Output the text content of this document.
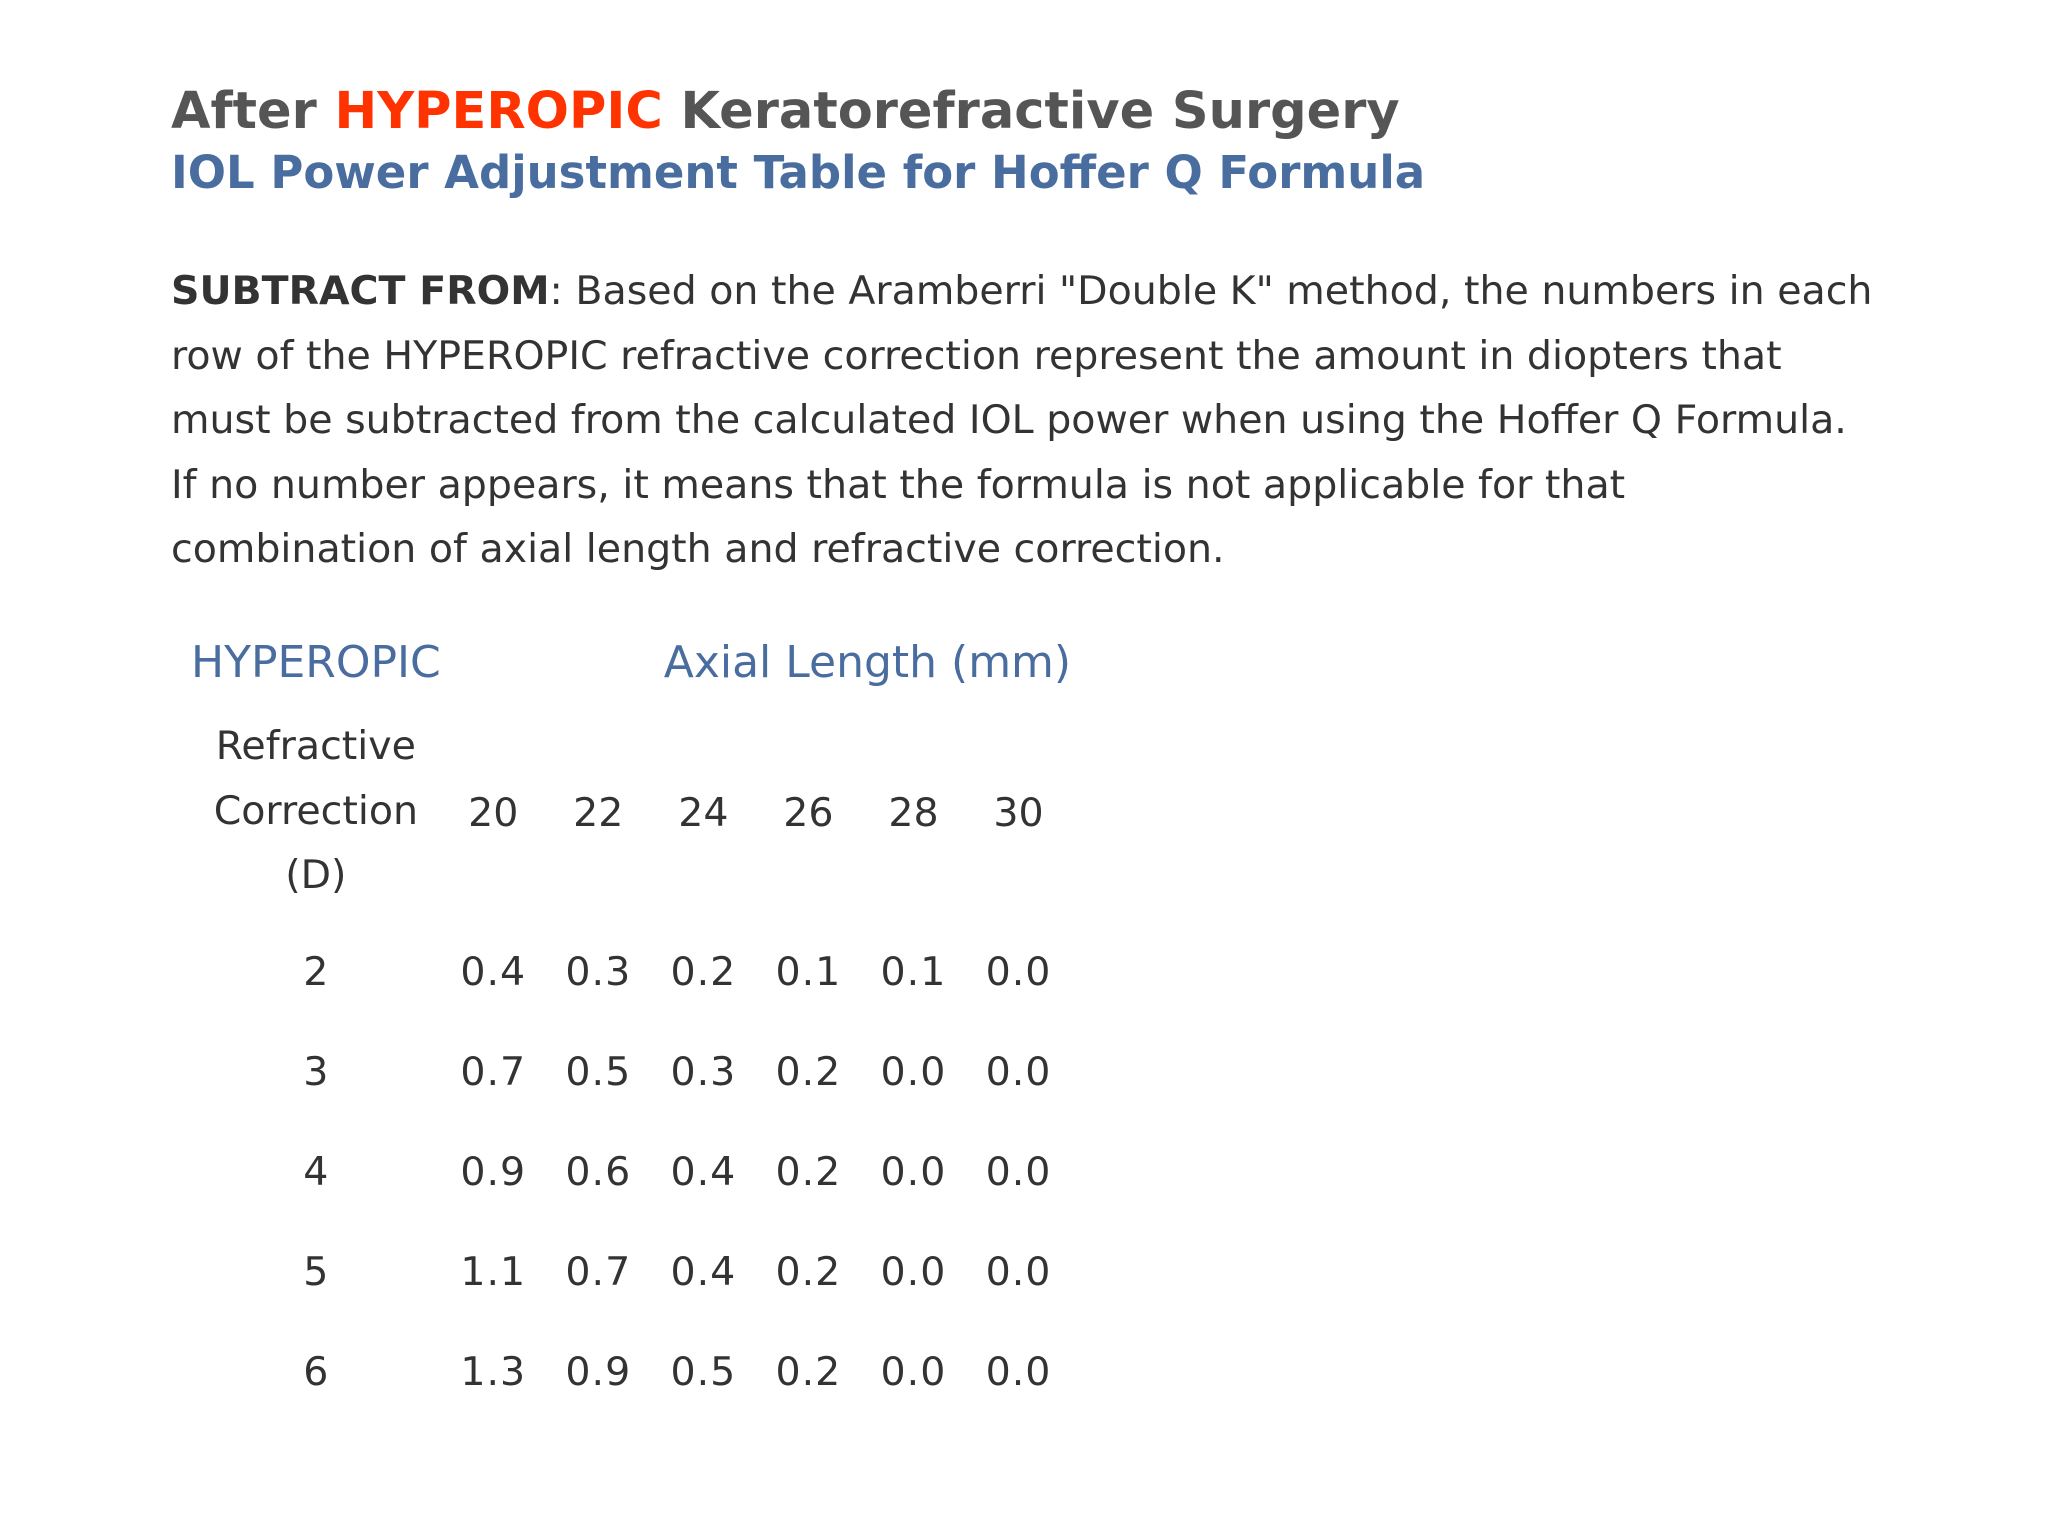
After HYPEROPIC Keratorefractive Surgery
IOL Power Adjustment Table for Hoffer Q Formula
SUBTRACT FROM: Based on the Aramberri "Double K" method, the numbers in each
row of the HYPEROPIC refractive correction represent the amount in diopters that
must be subtracted from the calculated IOL power when using the Hoffer Q Formula.
If no number appears, it means that the formula is not applicable for that
combination of axial length and refractive correction.
HYPEROPIC	Axial Length (mm)					

Refractive
Correction
(D)	20	22	24	26	28	30
2	0.4	0.3	0.2	0.1	0.1	0.0
3	0.7	0.5	0.3	0.2	0.0	0.0
4	0.9	0.6	0.4	0.2	0.0	0.0
5	1.1	0.7	0.4	0.2	0.0	0.0
6	1.3	0.9	0.5	0.2	0.0	0.0
